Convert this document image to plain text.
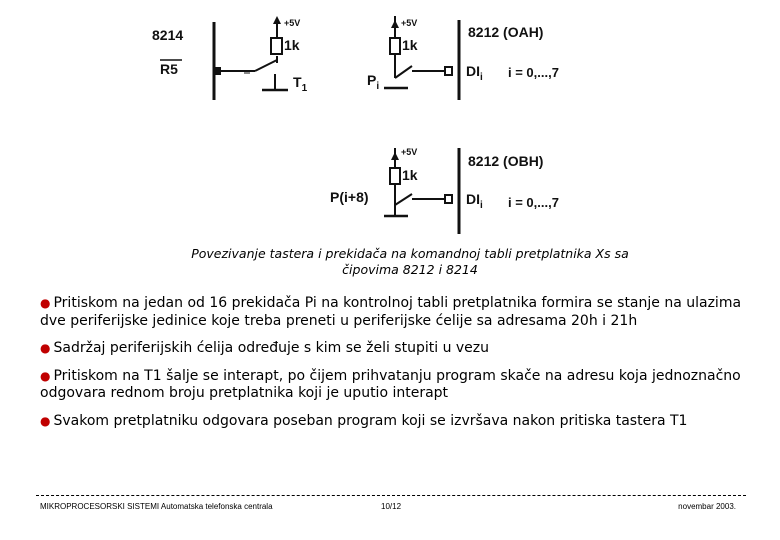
8214
R5
+5V
1k
$T_1$
+5V
1k
$P_i$
8212 (OAH)
$DI_i$ i = 0,...,7
+5V
1k
P(i+8)
8212 (OBH)
$DI_i$ i = 0,...,7
Povezivanje tastera i prekidača na komandnoj tabli pretplatnika Xs sa
čipovima 8212 i 8214
● Pritiskom na jedan od 16 prekidača Pi na kontrolnoj tabli pretplatnika formira se stanje na ulazima dve periferijske jedinice koje treba preneti u periferijske ćelije sa adresama 20h i 21h
● Sadržaj periferijskih ćelija određuje s kim se želi stupiti u vezu
● Pritiskom na T1 šalje se interapt, po čijem prihvatanju program skače na adresu koja jednoznačno odgovara rednom broju pretplatnika koji je uputio interapt
● Svakom pretplatniku odgovara poseban program koji se izvršava nakon pritiska tastera T1
MIKROPROCESORSKI SISTEMI Automatska telefonska centrala	10/12	novembar 2003.
